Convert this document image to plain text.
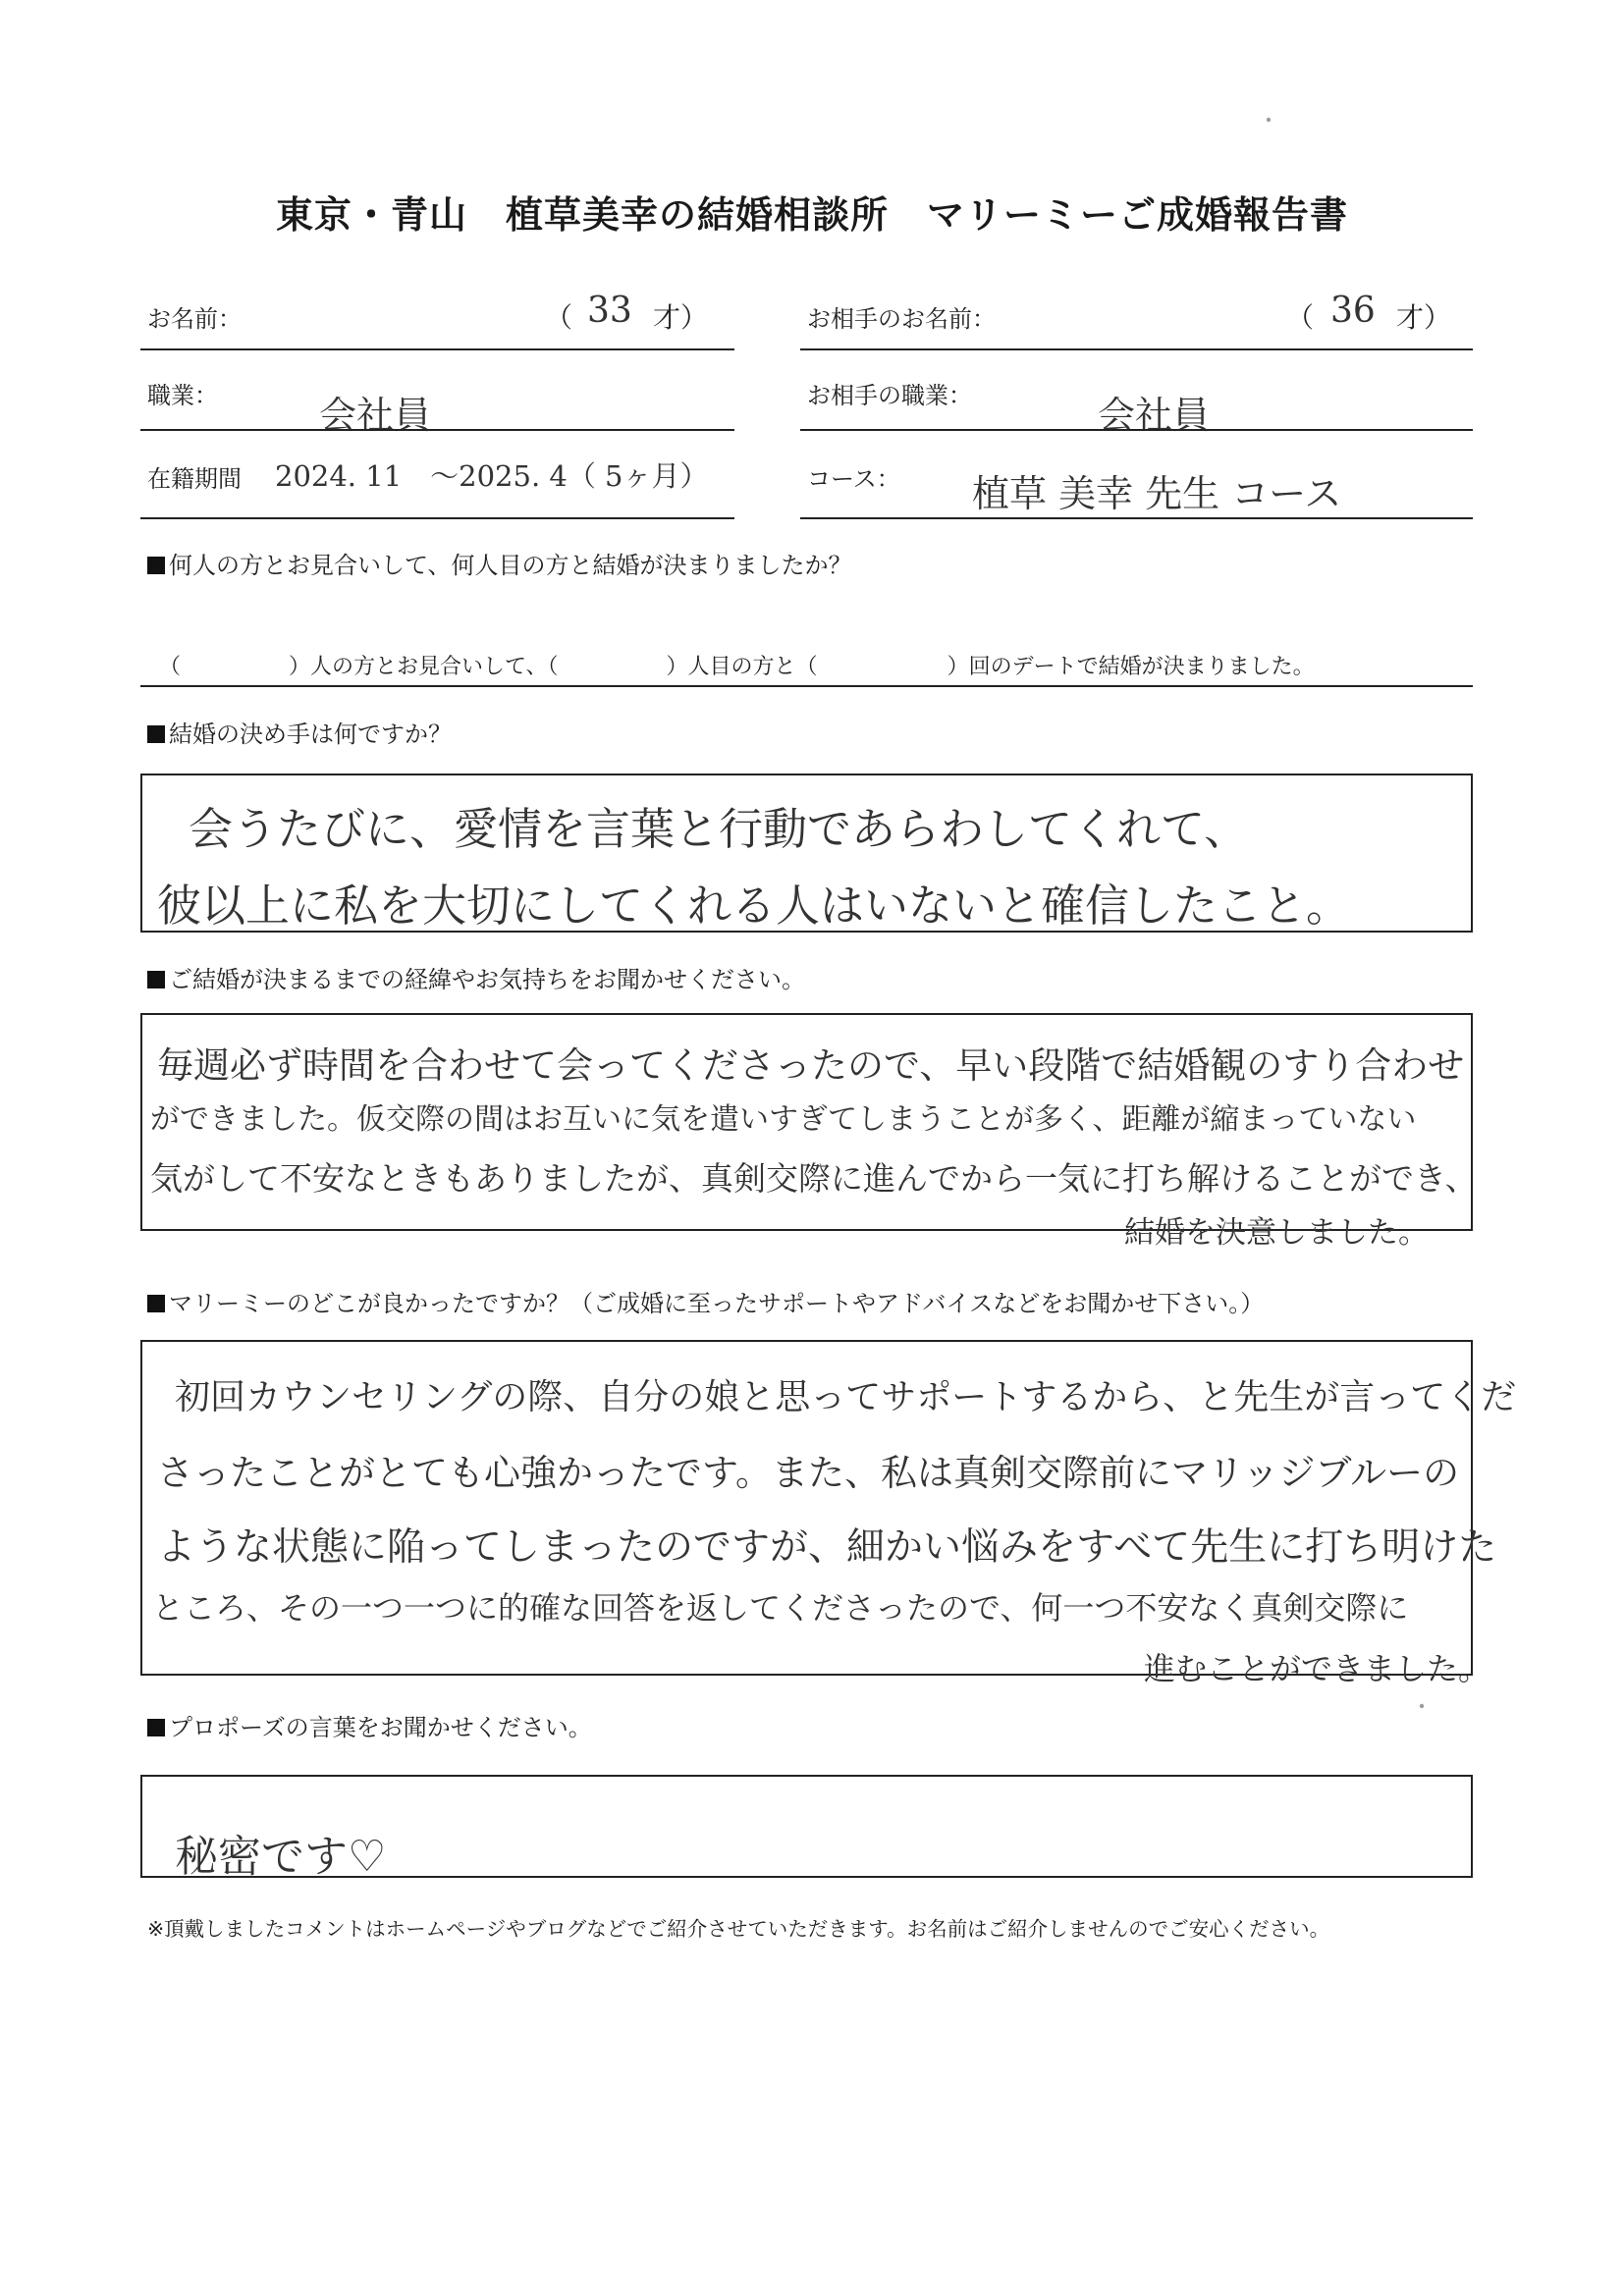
東京・青山　植草美幸の結婚相談所　マリーミーご成婚報告書
お名前：	（ 33 才）	お相手のお名前：	（ 36 才）
職業：	会社員	お相手の職業：	会社員
在籍期間 2024. 11　～2025. 4（ 5ヶ月）	コース： 植草 美幸 先生 コース
何人の方とお見合いして、何人目の方と結婚が決まりましたか？
（　　　　　）人の方とお見合いして、（　　　　　）人目の方と（　　　　　　）回のデートで結婚が決まりました。
結婚の決め手は何ですか？
会うたびに、愛情を言葉と行動であらわしてくれて、
彼以上に私を大切にしてくれる人はいないと確信したこと。
ご結婚が決まるまでの経緯やお気持ちをお聞かせください。
毎週必ず時間を合わせて会ってくださったので、早い段階で結婚観のすり合わせ
ができました。仮交際の間はお互いに気を遣いすぎてしまうことが多く、距離が縮まっていない
気がして不安なときもありましたが、真剣交際に進んでから一気に打ち解けることができ、
結婚を決意しました。
マリーミーのどこが良かったですか？（ご成婚に至ったサポートやアドバイスなどをお聞かせ下さい。）
初回カウンセリングの際、自分の娘と思ってサポートするから、と先生が言ってくだ
さったことがとても心強かったです。また、私は真剣交際前にマリッジブルーの
ような状態に陥ってしまったのですが、細かい悩みをすべて先生に打ち明けた
ところ、その一つ一つに的確な回答を返してくださったので、何一つ不安なく真剣交際に
進むことができました。
プロポーズの言葉をお聞かせください。
秘密です♡
※頂戴しましたコメントはホームページやブログなどでご紹介させていただきます。お名前はご紹介しませんのでご安心ください。
